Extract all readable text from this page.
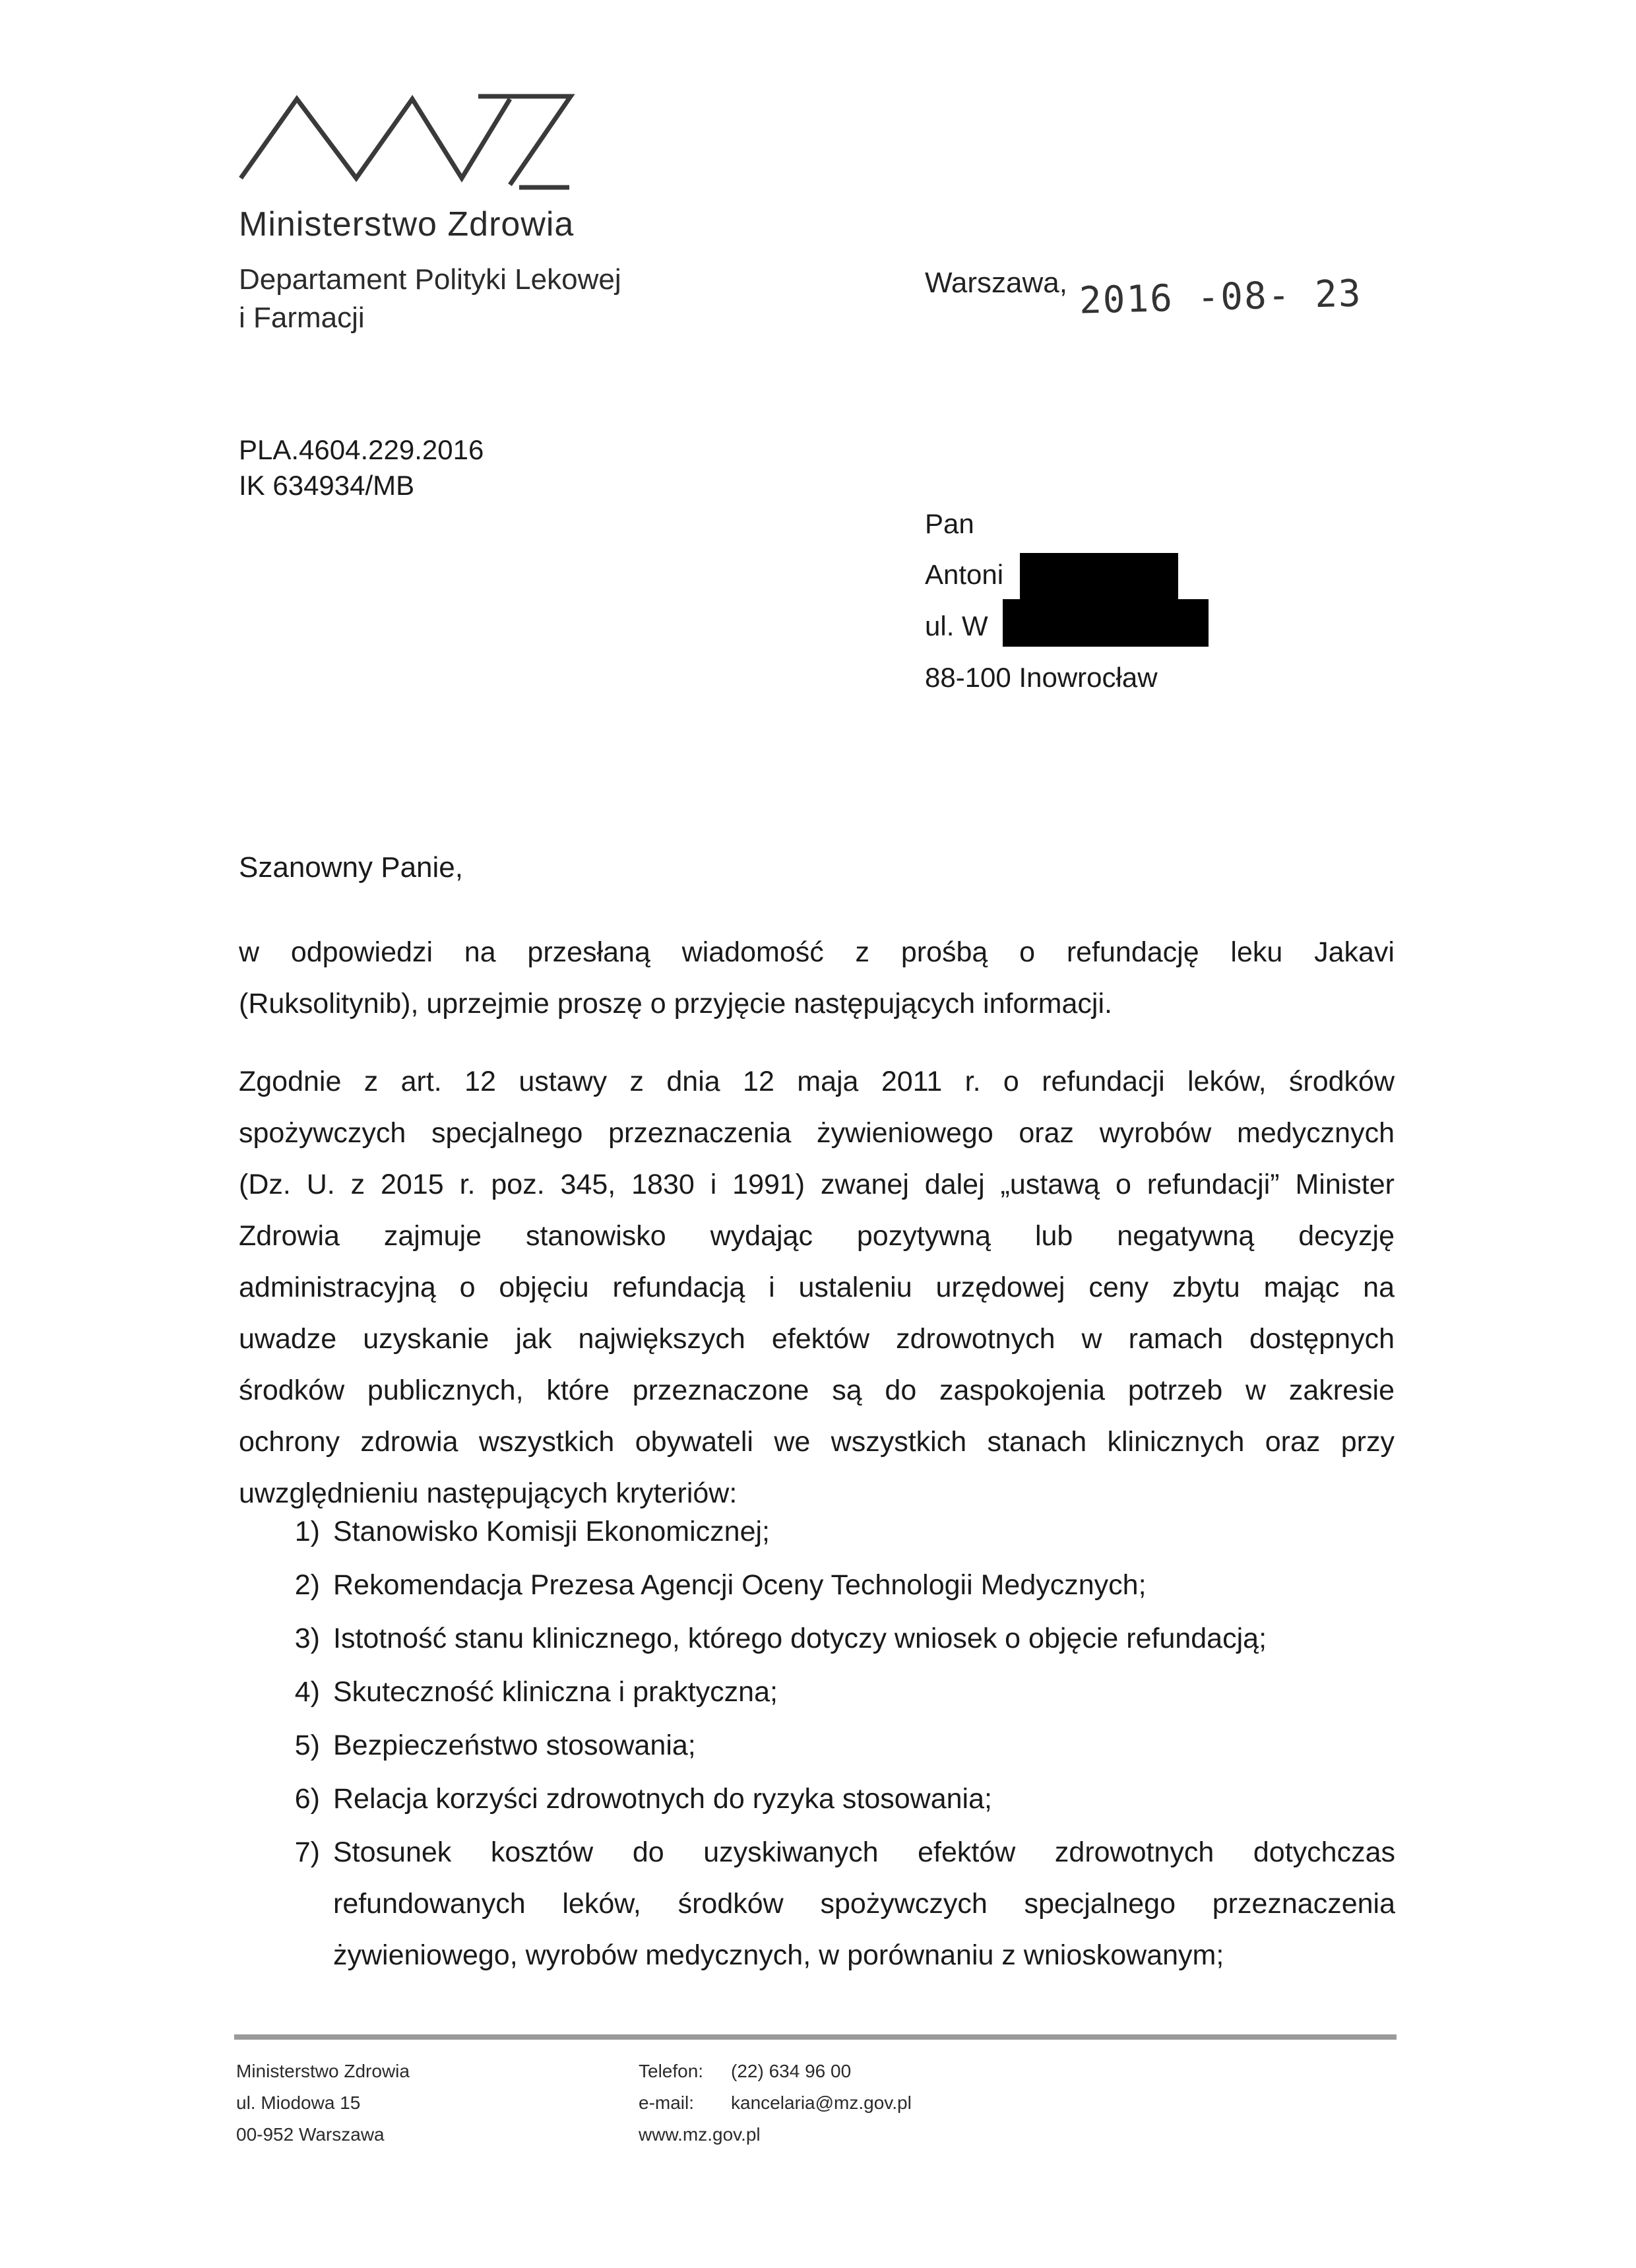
Ministerstwo Zdrowia
Departament Polityki Lekowej
i Farmacji
Warszawa, 2016 -08- 23
PLA.4604.229.2016
IK 634934/MB
Pan
Antoni
ul. W
88-100 Inowrocław
Szanowny Panie,
w odpowiedzi na przesłaną wiadomość z prośbą o refundację leku Jakavi
(Ruksolitynib), uprzejmie proszę o przyjęcie następujących informacji.
Zgodnie z art. 12 ustawy z dnia 12 maja 2011 r. o refundacji leków, środków
spożywczych specjalnego przeznaczenia żywieniowego oraz wyrobów medycznych
(Dz. U. z 2015 r. poz. 345, 1830 i 1991) zwanej dalej „ustawą o refundacji” Minister
Zdrowia zajmuje stanowisko wydając pozytywną lub negatywną decyzję
administracyjną o objęciu refundacją i ustaleniu urzędowej ceny zbytu mając na
uwadze uzyskanie jak największych efektów zdrowotnych w ramach dostępnych
środków publicznych, które przeznaczone są do zaspokojenia potrzeb w zakresie
ochrony zdrowia wszystkich obywateli we wszystkich stanach klinicznych oraz przy
uwzględnieniu następujących kryteriów:
1) Stanowisko Komisji Ekonomicznej;
2) Rekomendacja Prezesa Agencji Oceny Technologii Medycznych;
3) Istotność stanu klinicznego, którego dotyczy wniosek o objęcie refundacją;
4) Skuteczność kliniczna i praktyczna;
5) Bezpieczeństwo stosowania;
6) Relacja korzyści zdrowotnych do ryzyka stosowania;
7) Stosunek kosztów do uzyskiwanych efektów zdrowotnych dotychczas
refundowanych leków, środków spożywczych specjalnego przeznaczenia
żywieniowego, wyrobów medycznych, w porównaniu z wnioskowanym;
Ministerstwo Zdrowia
ul. Miodowa 15
00-952 Warszawa
Telefon: (22) 634 96 00
e-mail: kancelaria@mz.gov.pl
www.mz.gov.pl
